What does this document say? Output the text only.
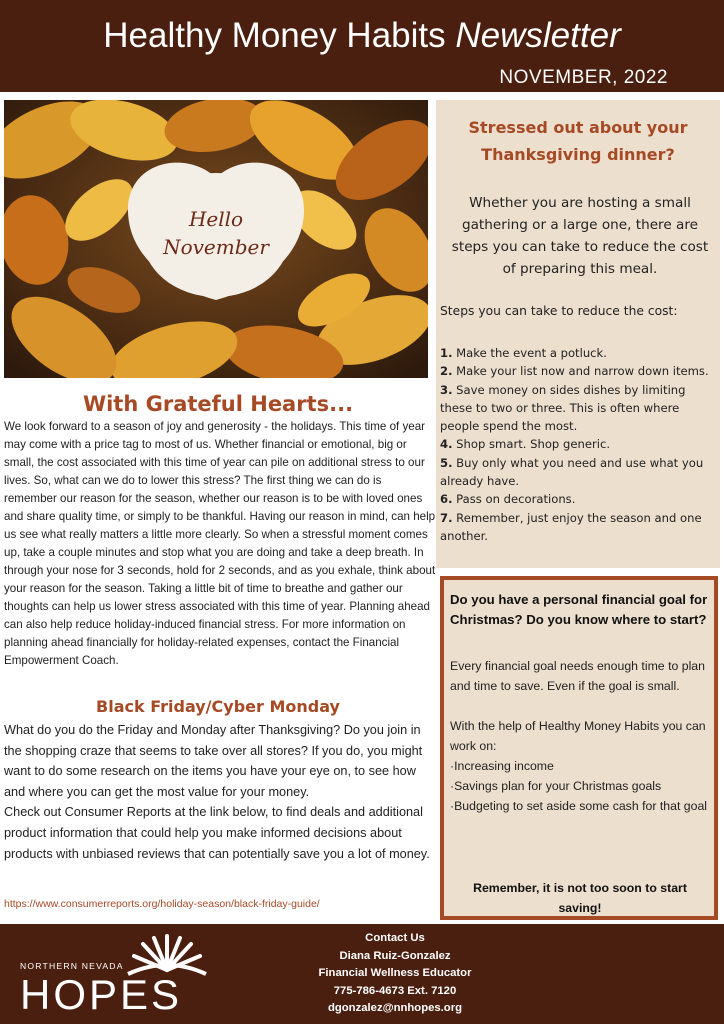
Healthy Money Habits Newsletter
NOVEMBER, 2022
Hello
November
With Grateful Hearts...

We look forward to a season of joy and generosity - the holidays. This time of year may come with a price tag to most of us. Whether financial or emotional, big or small, the cost associated with this time of year can pile on additional stress to our lives. So, what can we do to lower this stress? The first thing we can do is remember our reason for the season, whether our reason is to be with loved ones and share quality time, or simply to be thankful. Having our reason in mind, can help us see what really matters a little more clearly. So when a stressful moment comes up, take a couple minutes and stop what you are doing and take a deep breath. In through your nose for 3 seconds, hold for 2 seconds, and as you exhale, think about your reason for the season. Taking a little bit of time to breathe and gather our thoughts can help us lower stress associated with this time of year. Planning ahead can also help reduce holiday-induced financial stress. For more information on planning ahead financially for holiday-related expenses, contact the Financial Empowerment Coach.

Black Friday/Cyber Monday

What do you do the Friday and Monday after Thanksgiving? Do you join in the shopping craze that seems to take over all stores? If you do, you might want to do some research on the items you have your eye on, to see how and where you can get the most value for your money.

Check out Consumer Reports at the link below, to find deals and additional product information that could help you make informed decisions about products with unbiased reviews that can potentially save you a lot of money.

https://www.consumerreports.org/holiday-season/black-friday-guide/
Stressed out about your Thanksgiving dinner?

Whether you are hosting a small gathering or a large one, there are steps you can take to reduce the cost of preparing this meal.

Steps you can take to reduce the cost:

1. Make the event a potluck.
2. Make your list now and narrow down items.
3. Save money on sides dishes by limiting these to two or three. This is often where people spend the most.
4. Shop smart. Shop generic.
5. Buy only what you need and use what you already have.
6. Pass on decorations.
7. Remember, just enjoy the season and one another.
Do you have a personal financial goal for Christmas? Do you know where to start?

Every financial goal needs enough time to plan and time to save. Even if the goal is small.

With the help of Healthy Money Habits you can work on:

·Increasing income
·Savings plan for your Christmas goals
·Budgeting to set aside some cash for that goal
Remember, it is not too soon to start saving!
NORTHERN NEVADA
HOPES
Contact Us
Diana Ruiz-Gonzalez
Financial Wellness Educator
775-786-4673 Ext. 7120
dgonzalez@nnhopes.org
